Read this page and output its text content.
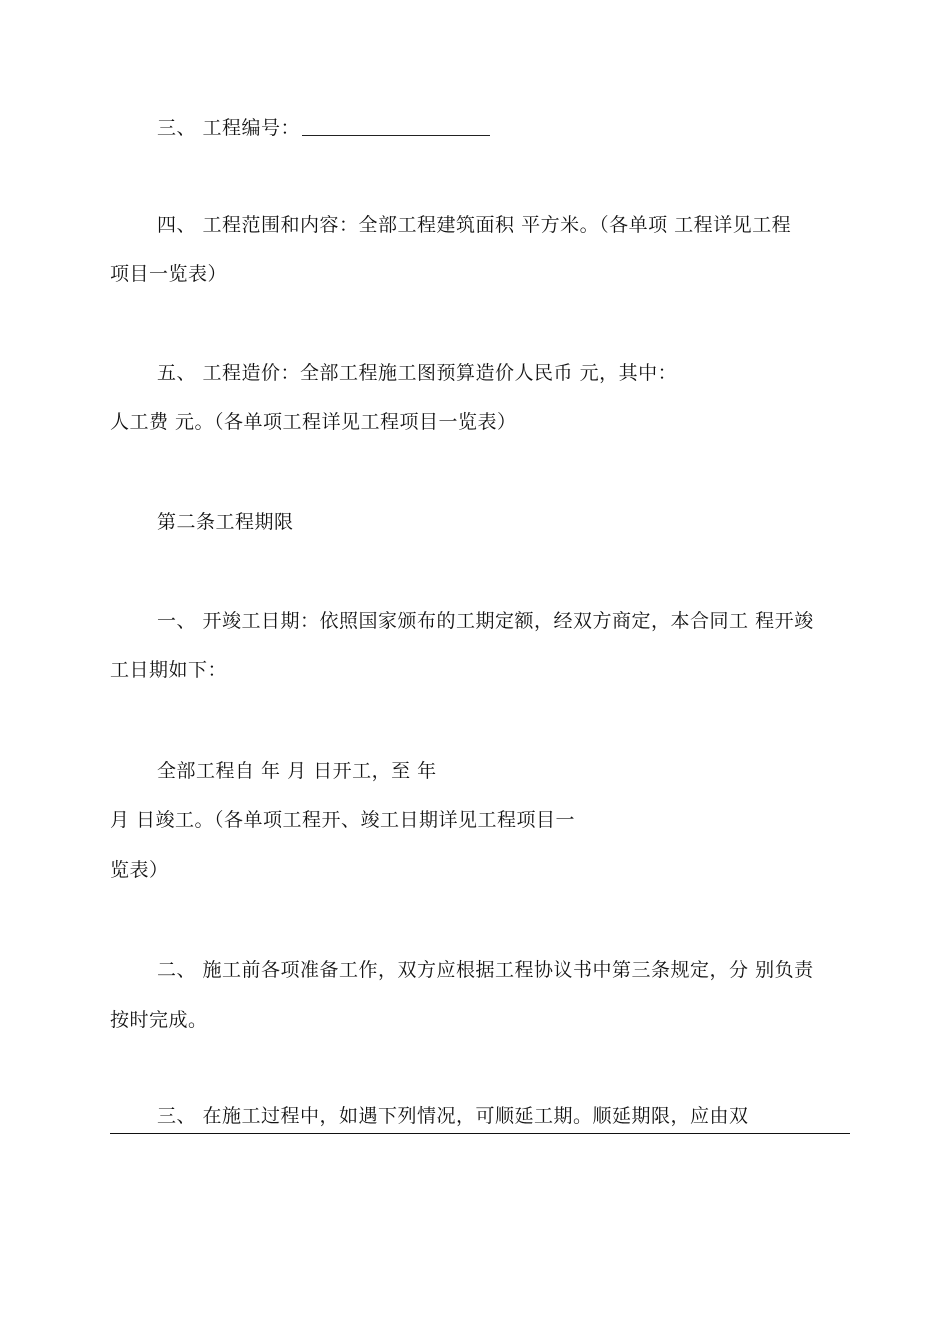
三、 工程编号：
四、 工程范围和内容：全部工程建筑面积 平方米。（各单项 工程详见工程
项目一览表）
五、 工程造价：全部工程施工图预算造价人民币 元，其中：
人工费 元。（各单项工程详见工程项目一览表）
第二条工程期限
一、 开竣工日期：依照国家颁布的工期定额，经双方商定，本合同工 程开竣
工日期如下：
全部工程自 年 月 日开工，至 年
月 日竣工。（各单项工程开、竣工日期详见工程项目一
览表）
二、 施工前各项准备工作，双方应根据工程协议书中第三条规定，分 别负责
按时完成。
三、 在施工过程中，如遇下列情况，可顺延工期。顺延期限，应由双
